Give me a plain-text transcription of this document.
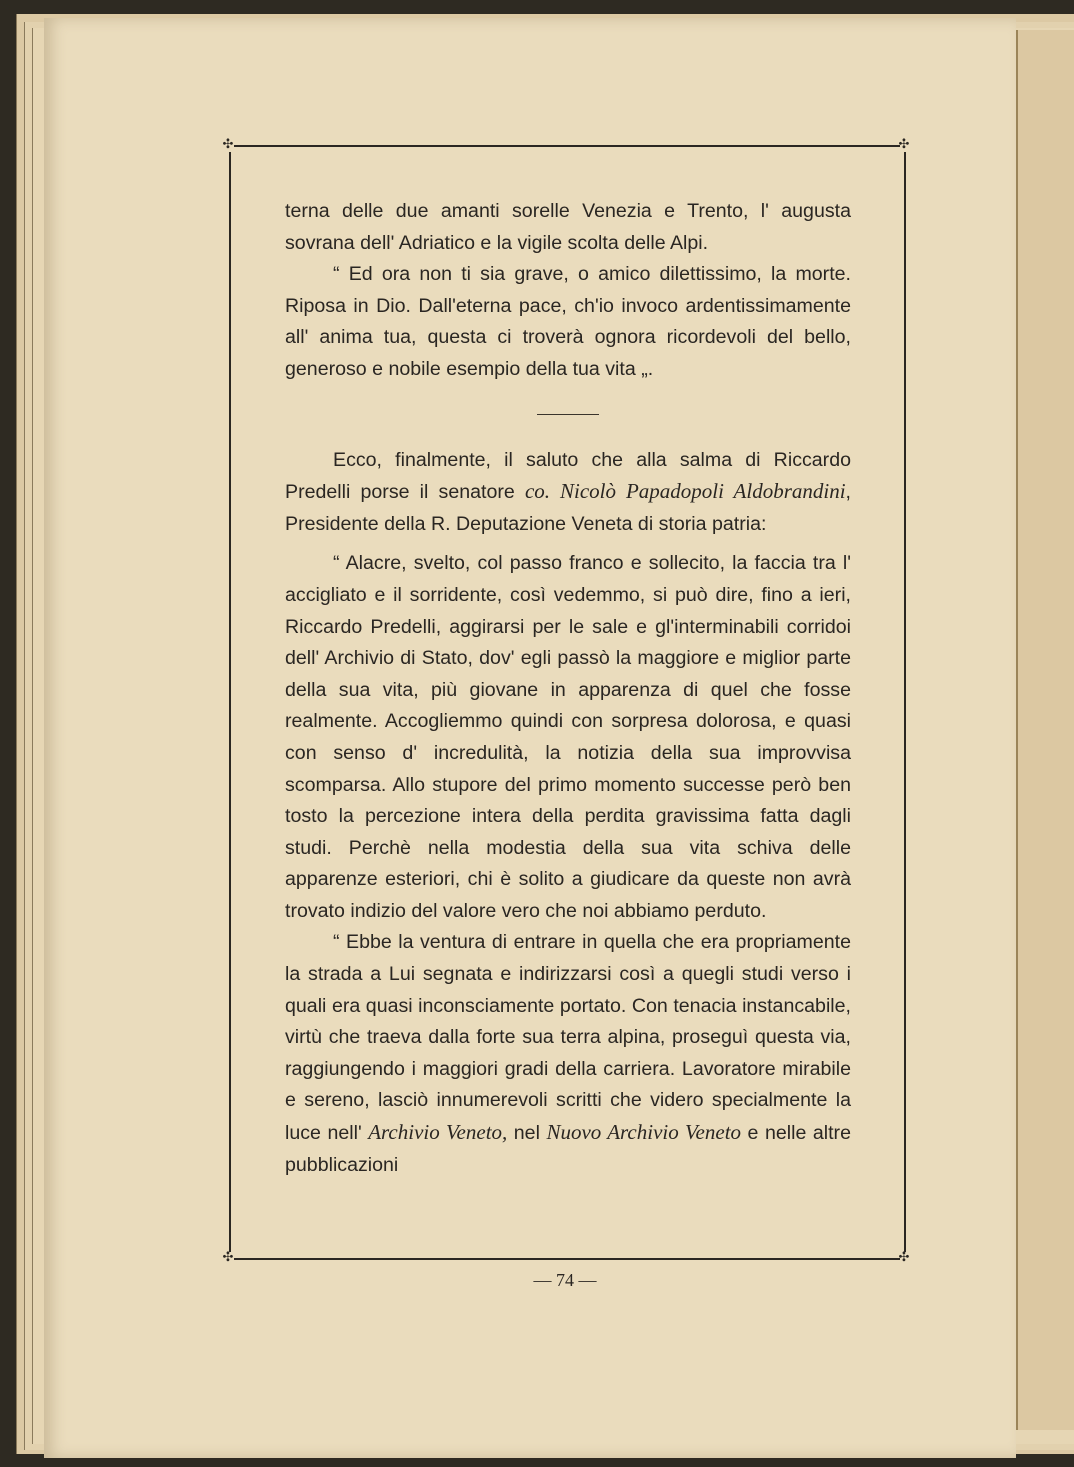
✣	✣
✣	✣

terna delle due amanti sorelle Venezia e Trento, l' augusta sovrana dell' Adriatico e la vigile scolta delle Alpi.

“ Ed ora non ti sia grave, o amico dilettissimo, la morte. Riposa in Dio. Dall'eterna pace, ch'io invoco ardentissimamente all' anima tua, questa ci troverà ognora ricordevoli del bello, generoso e nobile esempio della tua vita „.

Ecco, finalmente, il saluto che alla salma di Riccardo Predelli porse il senatore co. Nicolò Papadopoli Aldobrandini, Presidente della R. Deputazione Veneta di storia patria:

“ Alacre, svelto, col passo franco e sollecito, la faccia tra l' accigliato e il sorridente, così vedemmo, si può dire, fino a ieri, Riccardo Predelli, aggirarsi per le sale e gl'interminabili corridoi dell' Archivio di Stato, dov' egli passò la maggiore e miglior parte della sua vita, più giovane in apparenza di quel che fosse realmente. Accogliemmo quindi con sorpresa dolorosa, e quasi con senso d' incredulità, la notizia della sua improvvisa scomparsa. Allo stupore del primo momento successe però ben tosto la percezione intera della perdita gravissima fatta dagli studi. Perchè nella modestia della sua vita schiva delle apparenze esteriori, chi è solito a giudicare da queste non avrà trovato indizio del valore vero che noi abbiamo perduto.

“ Ebbe la ventura di entrare in quella che era propriamente la strada a Lui segnata e indirizzarsi così a quegli studi verso i quali era quasi inconsciamente portato. Con tenacia instancabile, virtù che traeva dalla forte sua terra alpina, proseguì questa via, raggiungendo i maggiori gradi della carriera. Lavoratore mirabile e sereno, lasciò innumerevoli scritti che videro specialmente la luce nell' Archivio Veneto, nel Nuovo Archivio Veneto e nelle altre pubblicazioni

— 74 —
